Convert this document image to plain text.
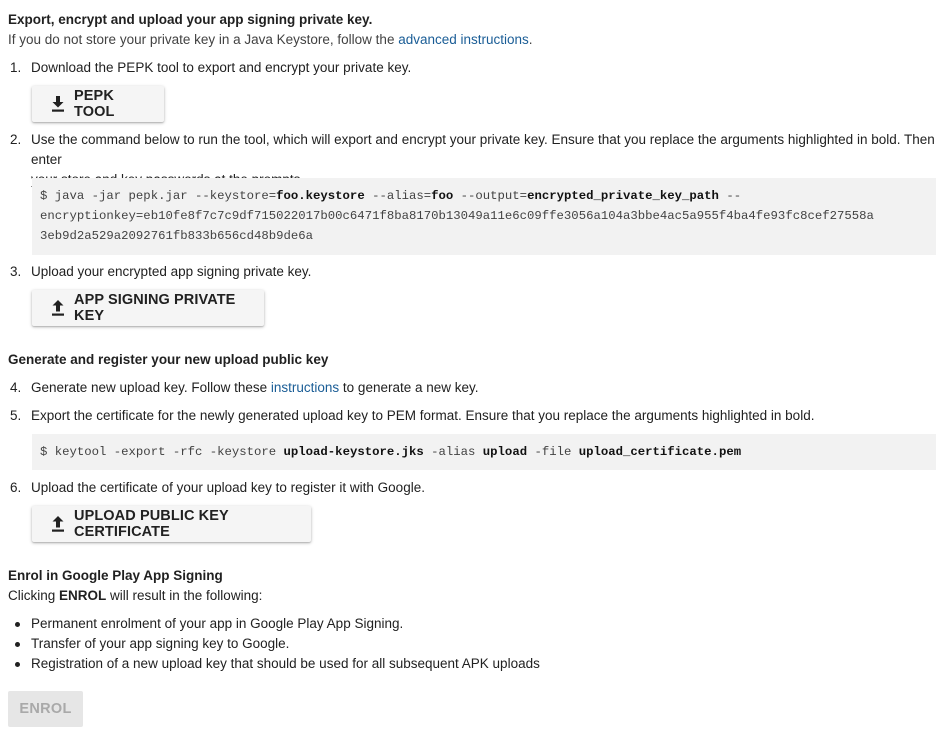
Export, encrypt and upload your app signing private key.
If you do not store your private key in a Java Keystore, follow the advanced instructions.
1. Download the PEPK tool to export and encrypt your private key.
PEPK TOOL
2. Use the command below to run the tool, which will export and encrypt your private key. Ensure that you replace the arguments highlighted in bold. Then enter
$ java -jar pepk.jar --keystore=foo.keystore --alias=foo --output=encrypted_private_key_path --
encryptionkey=eb10fe8f7c7c9df715022017b00c6471f8ba8170b13049a11e6c09ffe3056a104a3bbe4ac5a955f4ba4fe93fc8cef27558a
3eb9d2a529a2092761fb833b656cd48b9de6a
3. Upload your encrypted app signing private key.
APP SIGNING PRIVATE KEY
Generate and register your new upload public key
4. Generate new upload key. Follow these instructions to generate a new key.
5. Export the certificate for the newly generated upload key to PEM format. Ensure that you replace the arguments highlighted in bold.
$ keytool -export -rfc -keystore upload-keystore.jks -alias upload -file upload_certificate.pem
6. Upload the certificate of your upload key to register it with Google.
UPLOAD PUBLIC KEY CERTIFICATE
Enrol in Google Play App Signing
Clicking ENROL will result in the following:
Permanent enrolment of your app in Google Play App Signing.
Transfer of your app signing key to Google.
Registration of a new upload key that should be used for all subsequent APK uploads
ENROL
